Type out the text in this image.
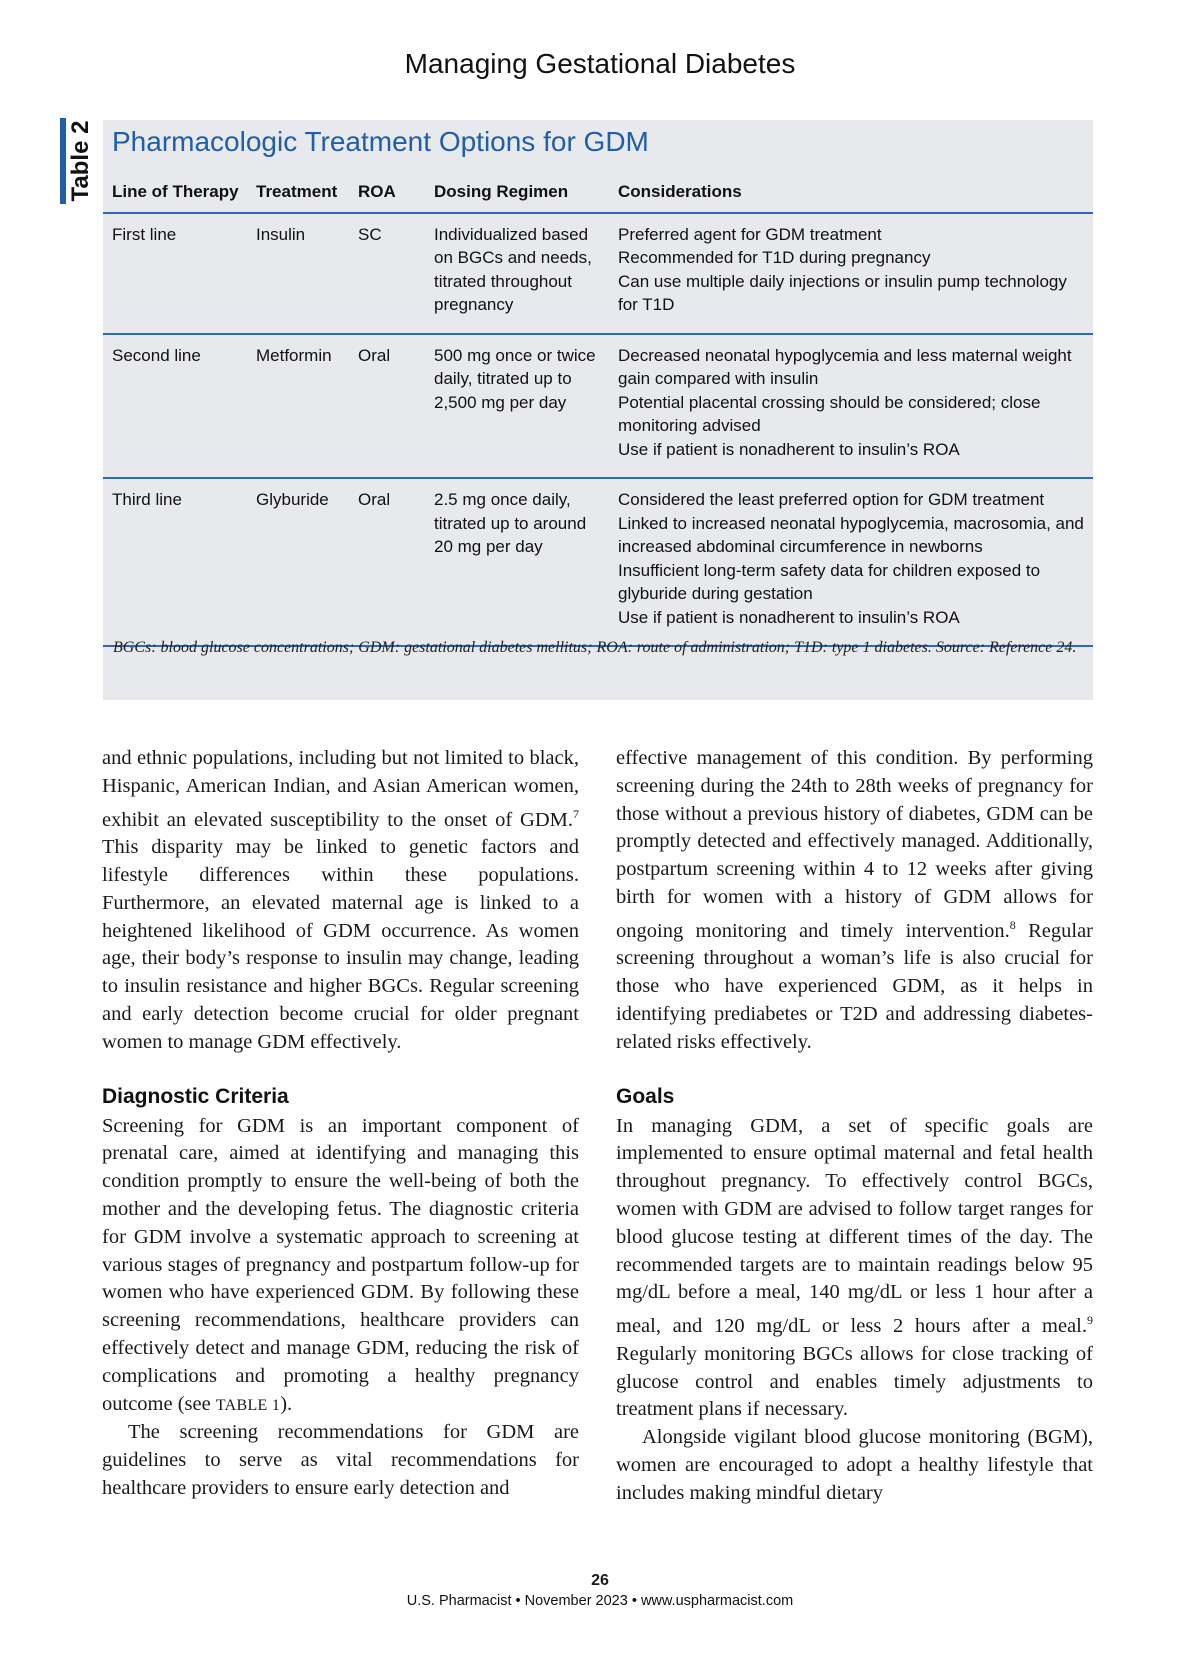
Managing Gestational Diabetes
Table 2 Pharmacologic Treatment Options for GDM
Line of Therapy	Treatment	ROA	Dosing Regimen	Considerations
First line	Insulin	SC	Individualized based on BGCs and needs, titrated throughout pregnancy	Preferred agent for GDM treatment
Recommended for T1D during pregnancy
Can use multiple daily injections or insulin pump technology for T1D

Second line	Metformin	Oral	500 mg once or twice daily, titrated up to 2,500 mg per day	Decreased neonatal hypoglycemia and less maternal weight gain compared with insulin
Potential placental crossing should be considered; close monitoring advised
Use if patient is nonadherent to insulin’s ROA

Third line	Glyburide	Oral	2.5 mg once daily, titrated up to around 20 mg per day	Considered the least preferred option for GDM treatment
Linked to increased neonatal hypoglycemia, macrosomia, and increased abdominal circumference in newborns
Insufficient long-term safety data for children exposed to glyburide during gestation
Use if patient is nonadherent to insulin’s ROA
BGCs: blood glucose concentrations; GDM: gestational diabetes mellitus; ROA: route of administration; T1D: type 1 diabetes. Source: Reference 24.

and ethnic populations, including but not limited to black, Hispanic, American Indian, and Asian American women, exhibit an elevated susceptibility to the onset of GDM.$^7$ This disparity may be linked to genetic factors and lifestyle differences within these populations. Furthermore, an elevated maternal age is linked to a heightened likelihood of GDM occurrence. As women age, their body’s response to insulin may change, leading to insulin resistance and higher BGCs. Regular screening and early detection become crucial for older pregnant women to manage GDM effectively.

Diagnostic Criteria

Screening for GDM is an important component of prenatal care, aimed at identifying and managing this condition promptly to ensure the well-being of both the mother and the developing fetus. The diagnostic criteria for GDM involve a systematic approach to screening at various stages of pregnancy and postpartum follow-up for women who have experienced GDM. By following these screening recommendations, healthcare providers can effectively detect and manage GDM, reducing the risk of complications and promoting a healthy pregnancy outcome (see TABLE 1).

The screening recommendations for GDM are guidelines to serve as vital recommendations for healthcare providers to ensure early detection and

effective management of this condition. By performing screening during the 24th to 28th weeks of pregnancy for those without a previous history of diabetes, GDM can be promptly detected and effectively managed. Additionally, postpartum screening within 4 to 12 weeks after giving birth for women with a history of GDM allows for ongoing monitoring and timely intervention.$^8$ Regular screening throughout a woman’s life is also crucial for those who have experienced GDM, as it helps in identifying prediabetes or T2D and addressing diabetes-related risks effectively.

Goals

In managing GDM, a set of specific goals are implemented to ensure optimal maternal and fetal health throughout pregnancy. To effectively control BGCs, women with GDM are advised to follow target ranges for blood glucose testing at different times of the day. The recommended targets are to maintain readings below 95 mg/dL before a meal, 140 mg/dL or less 1 hour after a meal, and 120 mg/dL or less 2 hours after a meal.$^9$ Regularly monitoring BGCs allows for close tracking of glucose control and enables timely adjustments to treatment plans if necessary.

Alongside vigilant blood glucose monitoring (BGM), women are encouraged to adopt a healthy lifestyle that includes making mindful dietary

26
U.S. Pharmacist • November 2023 • www.uspharmacist.com
